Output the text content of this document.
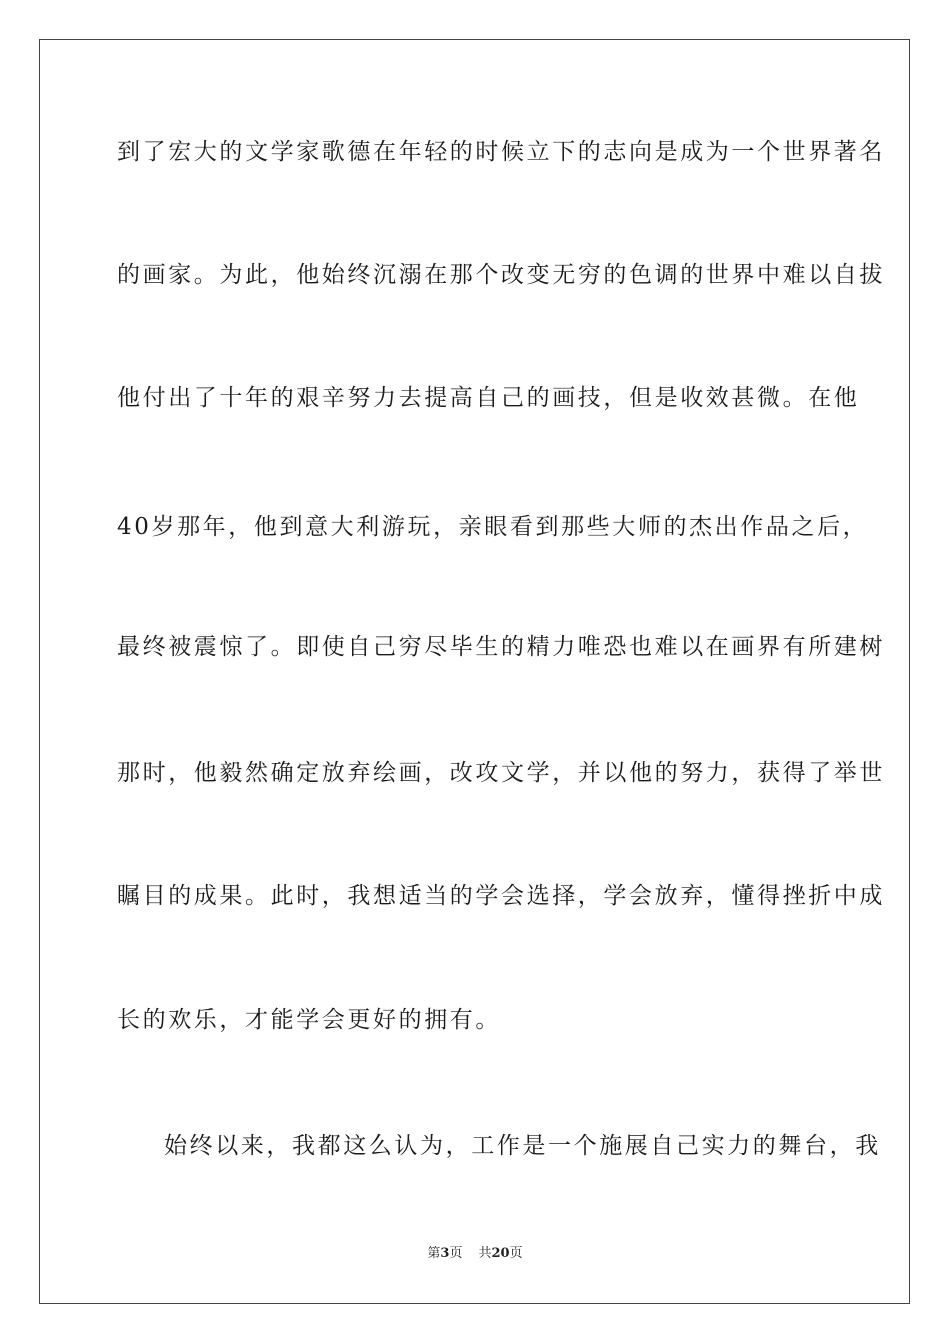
到了宏大的文学家歌德在年轻的时候立下的志向是成为一个世界著名
的画家。为此，他始终沉溺在那个改变无穷的色调的世界中难以自拔
他付出了十年的艰辛努力去提高自己的画技，但是收效甚微。在他
40岁那年，他到意大利游玩，亲眼看到那些大师的杰出作品之后，
最终被震惊了。即使自己穷尽毕生的精力唯恐也难以在画界有所建树
那时，他毅然确定放弃绘画，改攻文学，并以他的努力，获得了举世
瞩目的成果。此时，我想适当的学会选择，学会放弃，懂得挫折中成
长的欢乐，才能学会更好的拥有。
始终以来，我都这么认为，工作是一个施展自己实力的舞台，我
第3页 共20页
